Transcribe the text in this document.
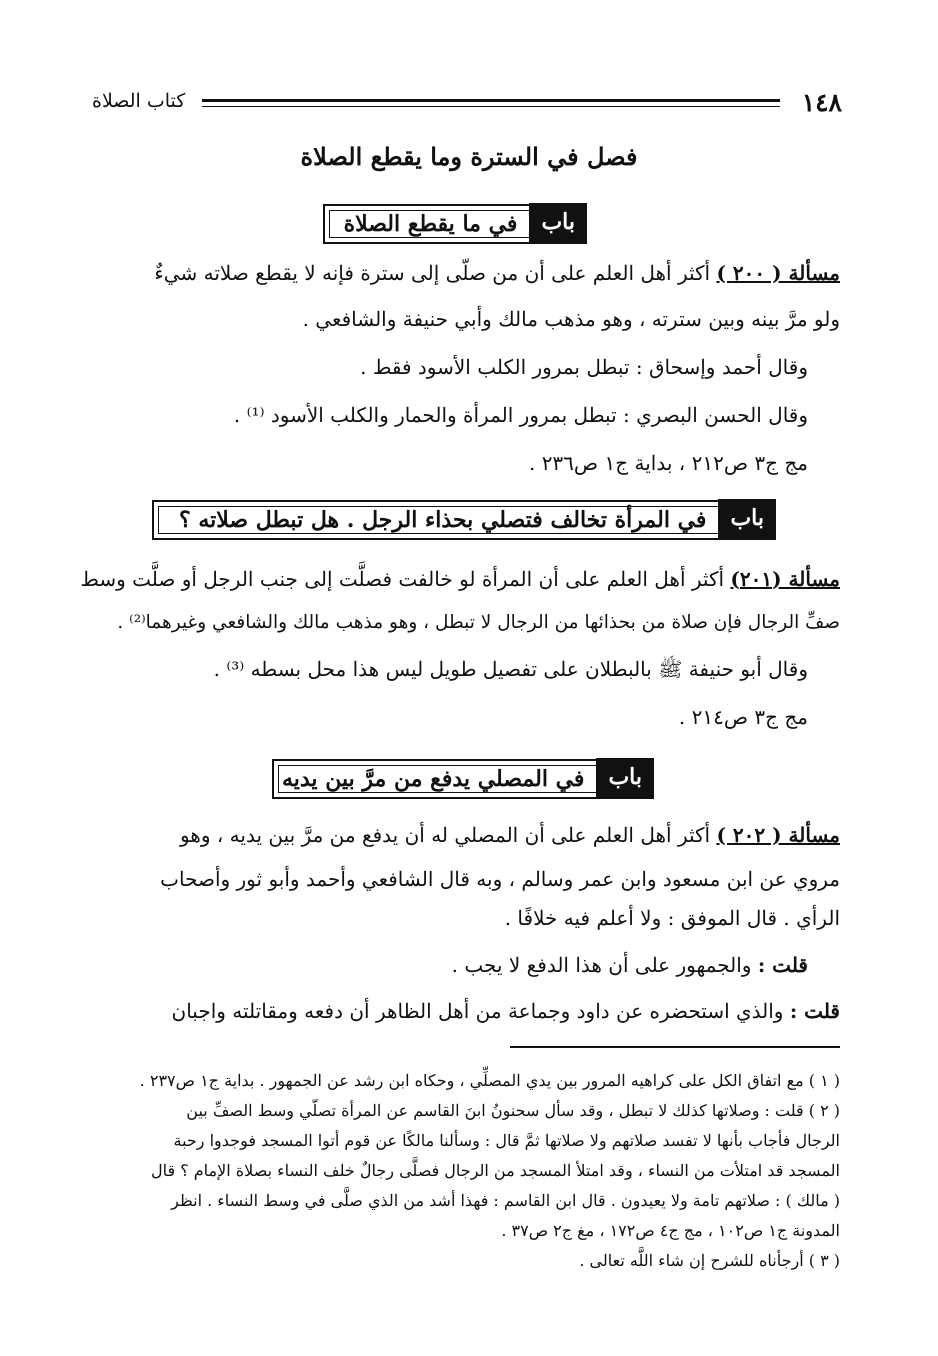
١٤٨
كتاب الصلاة
فصل في السترة وما يقطع الصلاة
باب
في ما يقطع الصلاة
مسألة ( ٢٠٠ ) أكثر أهل العلم على أن من صلّى إلى سترة فإنه لا يقطع صلاته شيءٌ
ولو مرَّ بينه وبين سترته ، وهو مذهب مالك وأبي حنيفة والشافعي .
وقال أحمد وإسحاق : تبطل بمرور الكلب الأسود فقط .
وقال الحسن البصري : تبطل بمرور المرأة والحمار والكلب الأسود ⁽¹⁾ .
مج ج٣ ص٢١٢ ، بداية ج١ ص٢٣٦ .
باب
في المرأة تخالف فتصلي بحذاء الرجل . هل تبطل صلاته ؟
مسألة (٢٠١) أكثر أهل العلم على أن المرأة لو خالفت فصلَّت إلى جنب الرجل أو صلَّت وسط
صفِّ الرجال فإن صلاة من بحذائها من الرجال لا تبطل ، وهو مذهب مالك والشافعي وغيرهما⁽²⁾ .
وقال أبو حنيفة ﷺ بالبطلان على تفصيل طويل ليس هذا محل بسطه ⁽³⁾ .
مج ج٣ ص٢١٤ .
باب
في المصلي يدفع من مرَّ بين يديه
مسألة ( ٢٠٢ ) أكثر أهل العلم على أن المصلي له أن يدفع من مرَّ بين يديه ، وهو
مروي عن ابن مسعود وابن عمر وسالم ، وبه قال الشافعي وأحمد وأبو ثور وأصحاب
الرأي . قال الموفق : ولا أعلم فيه خلافًا .
قلت : والجمهور على أن هذا الدفع لا يجب .
قلت : والذي استحضره عن داود وجماعة من أهل الظاهر أن دفعه ومقاتلته واجبان
( ١ ) مع اتفاق الكل على كراهيه المرور بين يدي المصلِّي ، وحكاه ابن رشد عن الجمهور . بداية ج١ ص٢٣٧ .
( ٢ ) قلت : وصلاتها كذلك لا تبطل ، وقد سأل سحنونُ ابنَ القاسم عن المرأة تصلّي وسط الصفِّ بين
الرجال فأجاب بأنها لا تفسد صلاتهم ولا صلاتها ثمَّ قال : وسألنا مالكًا عن قوم أتوا المسجد فوجدوا رحبة
المسجد قد امتلأت من النساء ، وقد امتلأ المسجد من الرجال فصلَّى رجالٌ خلف النساء بصلاة الإمام ؟ قال
( مالك ) : صلاتهم تامة ولا يعيدون . قال ابن القاسم : فهذا أشد من الذي صلَّى في وسط النساء . انظر
المدونة ج١ ص١٠٢ ، مج ج٤ ص١٧٢ ، مغ ج٢ ص٣٧ .
( ٣ ) أرجأناه للشرح إن شاء اللَّه تعالى .
